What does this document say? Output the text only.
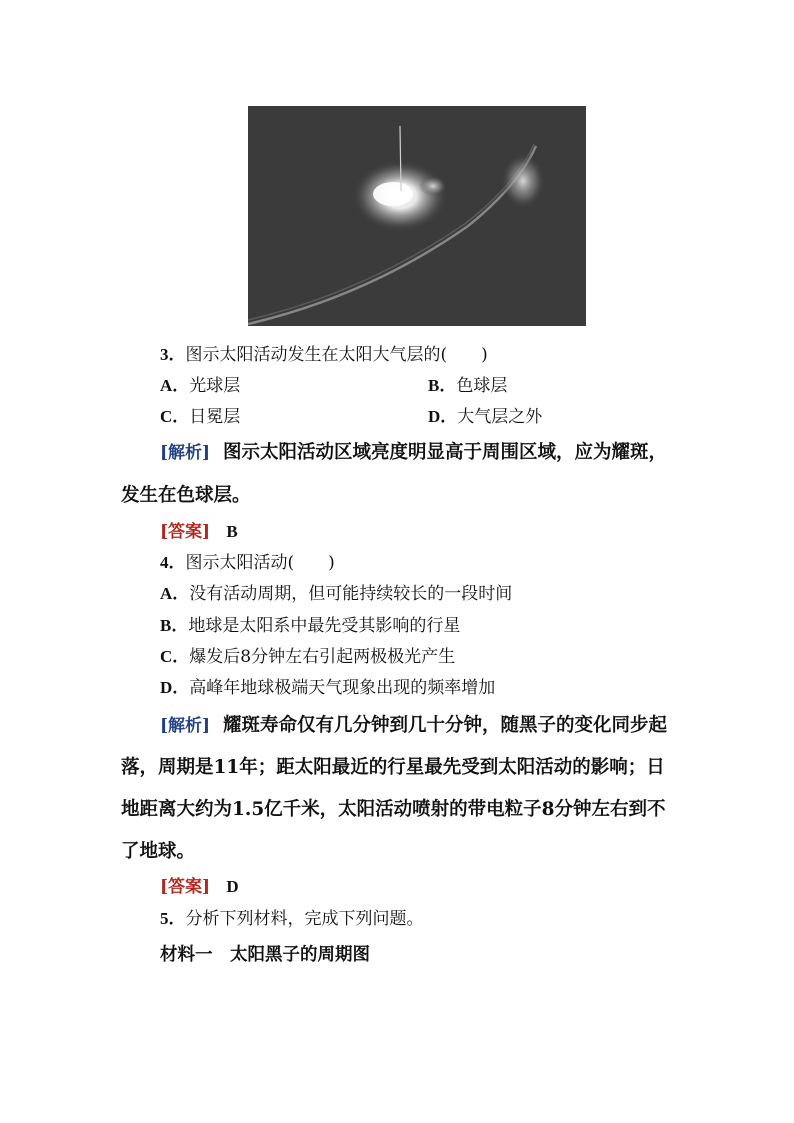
3．图示太阳活动发生在太阳大气层的(　　)
A．光球层	B．色球层
C．日冕层	D．大气层之外
[解析] 图示太阳活动区域亮度明显高于周围区域，应为耀斑，
发生在色球层。
[答案] B
4．图示太阳活动(　　)
A．没有活动周期，但可能持续较长的一段时间
B．地球是太阳系中最先受其影响的行星
C．爆发后8分钟左右引起两极极光产生
D．高峰年地球极端天气现象出现的频率增加
[解析] 耀斑寿命仅有几分钟到几十分钟，随黑子的变化同步起
落，周期是11年；距太阳最近的行星最先受到太阳活动的影响；日
地距离大约为1.5亿千米，太阳活动喷射的带电粒子8分钟左右到不
了地球。
[答案] D
5．分析下列材料，完成下列问题。
材料一　太阳黑子的周期图
